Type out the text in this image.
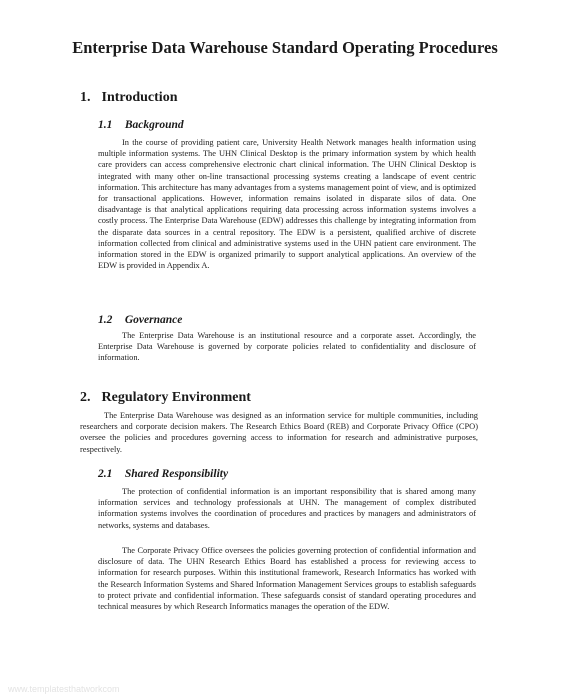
Enterprise Data Warehouse Standard Operating Procedures
1. Introduction
1.1 Background
In the course of providing patient care, University Health Network manages health information using multiple information systems. The UHN Clinical Desktop is the primary information system by which health care providers can access comprehensive electronic chart clinical information. The UHN Clinical Desktop is integrated with many other on-line transactional processing systems creating a landscape of event centric information. This architecture has many advantages from a systems management point of view, and is optimized for transactional applications. However, information remains isolated in disparate silos of data. One disadvantage is that analytical applications requiring data processing across information systems involves a costly process. The Enterprise Data Warehouse (EDW) addresses this challenge by integrating information from the disparate data sources in a central repository. The EDW is a persistent, qualified archive of discrete information collected from clinical and administrative systems used in the UHN patient care environment. The information stored in the EDW is organized primarily to support analytical applications. An overview of the EDW is provided in Appendix A.
1.2 Governance
The Enterprise Data Warehouse is an institutional resource and a corporate asset. Accordingly, the Enterprise Data Warehouse is governed by corporate policies related to confidentiality and disclosure of information.
2. Regulatory Environment
The Enterprise Data Warehouse was designed as an information service for multiple communities, including researchers and corporate decision makers. The Research Ethics Board (REB) and Corporate Privacy Office (CPO) oversee the policies and procedures governing access to information for research and administrative purposes, respectively.
2.1 Shared Responsibility
The protection of confidential information is an important responsibility that is shared among many information services and technology professionals at UHN. The management of complex distributed information systems involves the coordination of procedures and practices by managers and administrators of networks, systems and databases.
The Corporate Privacy Office oversees the policies governing protection of confidential information and disclosure of data. The UHN Research Ethics Board has established a process for reviewing access to information for research purposes. Within this institutional framework, Research Informatics has worked with the Research Information Systems and Shared Information Management Services groups to establish safeguards to protect private and confidential information. These safeguards consist of standard operating procedures and technical measures by which Research Informatics manages the operation of the EDW.
www.templatesthatworkcom
